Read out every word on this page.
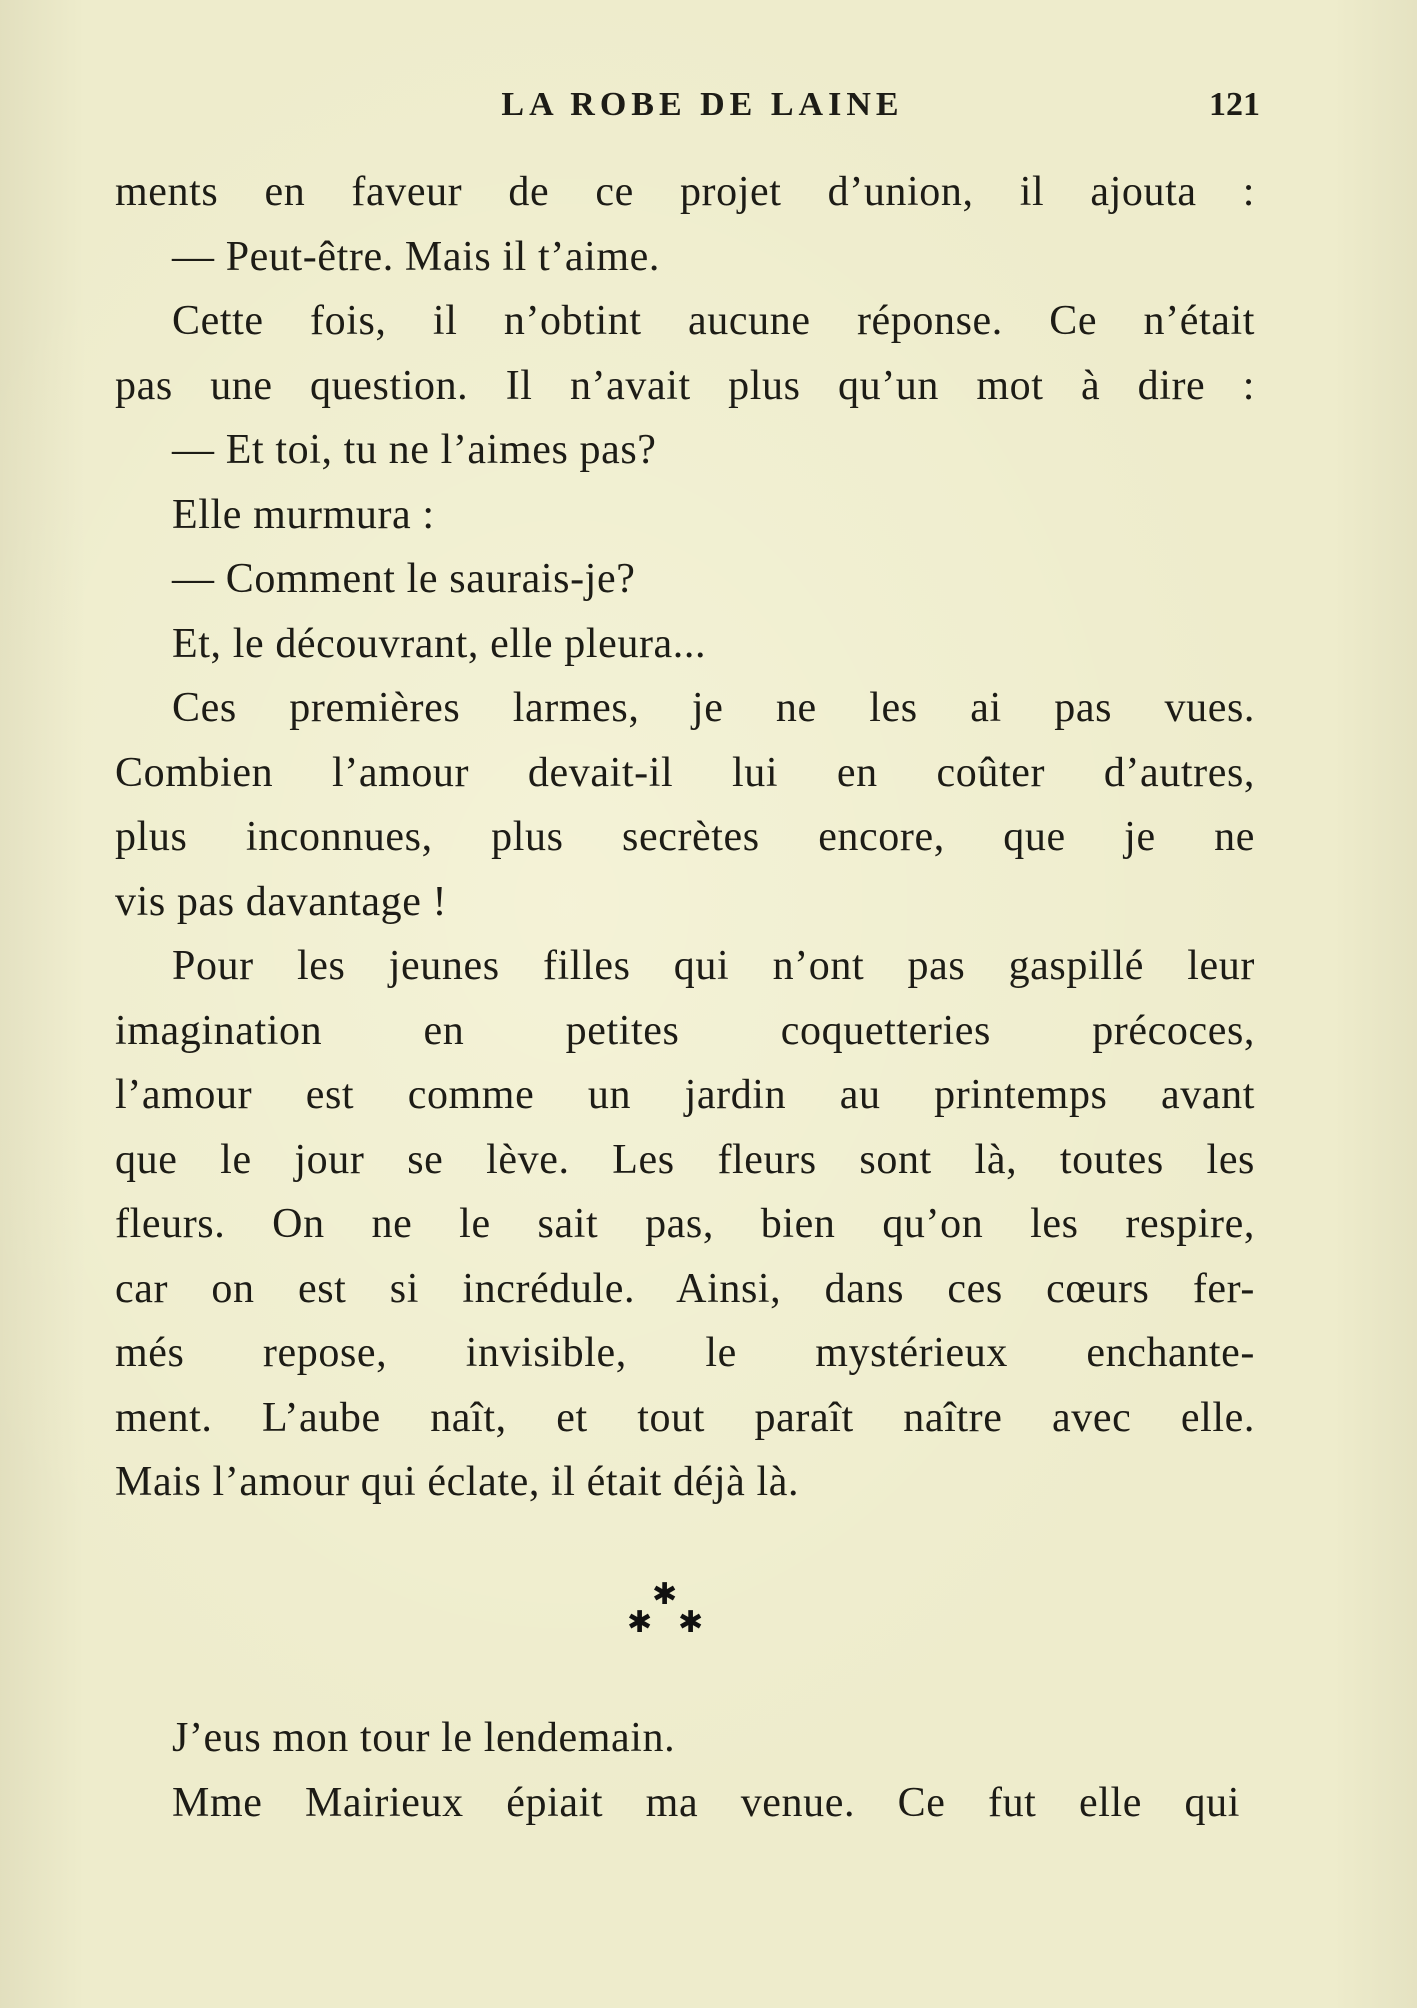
LA ROBE DE LAINE	121
ments en faveur de ce projet d’union, il ajouta :
— Peut-être. Mais il t’aime.
Cette fois, il n’obtint aucune réponse. Ce n’était
pas une question. Il n’avait plus qu’un mot à dire :
— Et toi, tu ne l’aimes pas?
Elle murmura :
— Comment le saurais-je?
Et, le découvrant, elle pleura...
Ces premières larmes, je ne les ai pas vues.
Combien l’amour devait-il lui en coûter d’autres,
plus inconnues, plus secrètes encore, que je ne
vis pas davantage !
Pour les jeunes filles qui n’ont pas gaspillé leur
imagination en petites coquetteries précoces,
l’amour est comme un jardin au printemps avant
que le jour se lève. Les fleurs sont là, toutes les
fleurs. On ne le sait pas, bien qu’on les respire,
car on est si incrédule. Ainsi, dans ces cœurs fer-
més repose, invisible, le mystérieux enchante-
ment. L’aube naît, et tout paraît naître avec elle.
Mais l’amour qui éclate, il était déjà là.
✱
✱ ✱
J’eus mon tour le lendemain.
Mme Mairieux épiait ma venue. Ce fut elle qui
